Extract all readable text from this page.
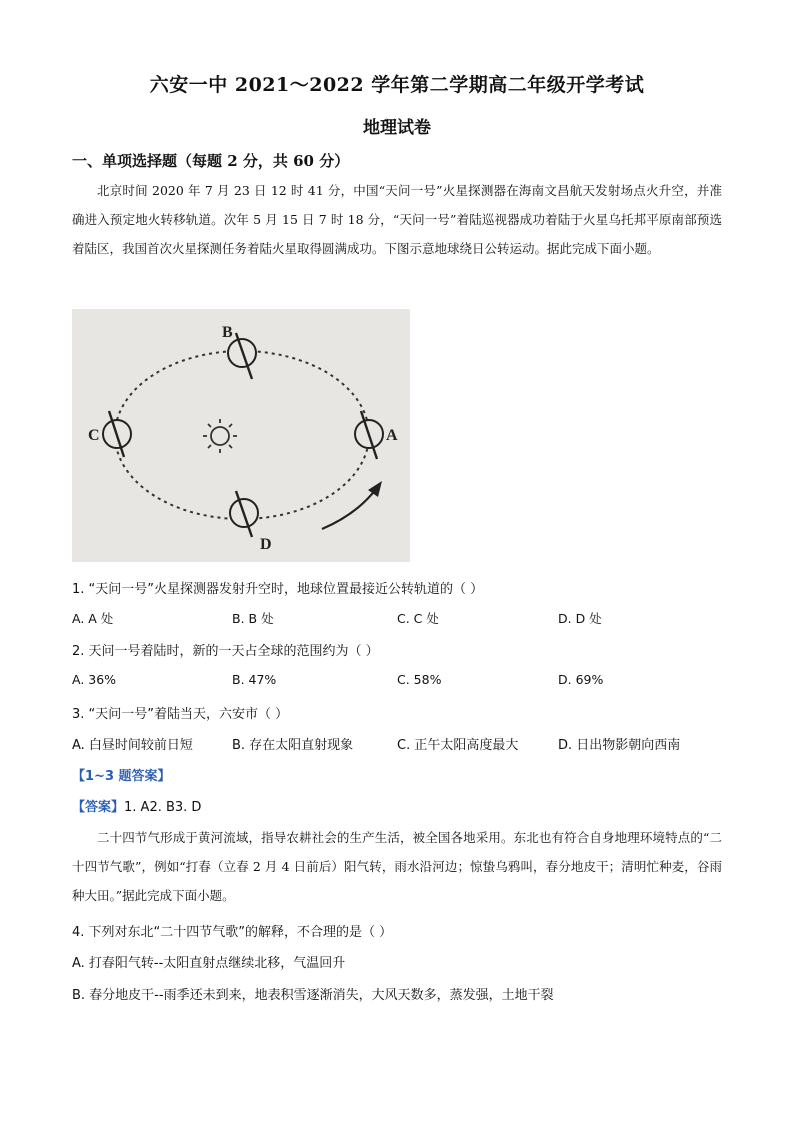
六安一中 2021～2022 学年第二学期高二年级开学考试
地理试卷
一、单项选择题（每题 2 分，共 60 分）

北京时间 2020 年 7 月 23 日 12 时 41 分，中国“天问一号”火星探测器在海南文昌航天发射场点火升空，并准确进入预定地火转移轨道。次年 5 月 15 日 7 时 18 分，“天问一号”着陆巡视器成功着陆于火星乌托邦平原南部预选着陆区，我国首次火星探测任务着陆火星取得圆满成功。下图示意地球绕日公转运动。据此完成下面小题。

B
C	A
D
1. “天问一号”火星探测器发射升空时，地球位置最接近公转轨道的（ ）
A. A 处	B. B 处	C. C 处	D. D 处
2. 天问一号着陆时，新的一天占全球的范围约为（ ）
A. 36%	B. 47%	C. 58%	D. 69%
3. “天问一号”着陆当天，六安市（ ）
A. 白昼时间较前日短	B. 存在太阳直射现象	C. 正午太阳高度最大	D. 日出物影朝向西南
【1~3 题答案】
【答案】1. A2. B3. D

二十四节气形成于黄河流域，指导农耕社会的生产生活，被全国各地采用。东北也有符合自身地理环境特点的“二十四节气歌”，例如“打春（立春 2 月 4 日前后）阳气转，雨水沿河边；惊蛰乌鸦叫，春分地皮干；清明忙种麦，谷雨种大田。”据此完成下面小题。

4. 下列对东北“二十四节气歌”的解释，不合理的是（ ）
A. 打春阳气转--太阳直射点继续北移，气温回升
B. 春分地皮干--雨季还未到来，地表积雪逐渐消失，大风天数多，蒸发强，土地干裂
